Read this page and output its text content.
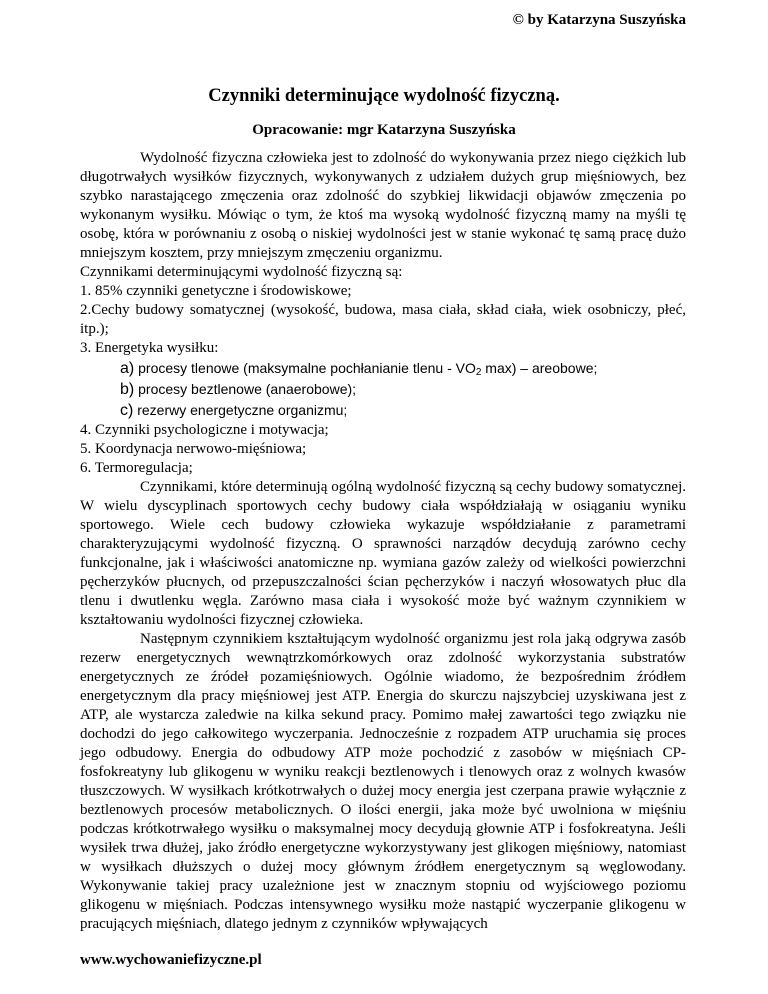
© by Katarzyna Suszyńska
Czynniki determinujące wydolność fizyczną.
Opracowanie: mgr Katarzyna Suszyńska

Wydolność fizyczna człowieka jest to zdolność do wykonywania przez niego ciężkich lub długotrwałych wysiłków fizycznych, wykonywanych z udziałem dużych grup mięśniowych, bez szybko narastającego zmęczenia oraz zdolność do szybkiej likwidacji objawów zmęczenia po wykonanym wysiłku. Mówiąc o tym, że ktoś ma wysoką wydolność fizyczną mamy na myśli tę osobę, która w porównaniu z osobą o niskiej wydolności jest w stanie wykonać tę samą pracę dużo mniejszym kosztem, przy mniejszym zmęczeniu organizmu.

Czynnikami determinującymi wydolność fizyczną są:

1. 85% czynniki genetyczne i środowiskowe;

2.Cechy budowy somatycznej (wysokość, budowa, masa ciała, skład ciała, wiek osobniczy, płeć, itp.);

3. Energetyka wysiłku:

a) procesy tlenowe (maksymalne pochłanianie tlenu - $VO_2$ max) – areobowe;

b) procesy beztlenowe (anaerobowe);

c) rezerwy energetyczne organizmu;

4. Czynniki psychologiczne i motywacja;

5. Koordynacja nerwowo-mięśniowa;

6. Termoregulacja;

Czynnikami, które determinują ogólną wydolność fizyczną są cechy budowy somatycznej. W wielu dyscyplinach sportowych cechy budowy ciała współdziałają w osiąganiu wyniku sportowego. Wiele cech budowy człowieka wykazuje współdziałanie z parametrami charakteryzującymi wydolność fizyczną. O sprawności narządów decydują zarówno cechy funkcjonalne, jak i właściwości anatomiczne np. wymiana gazów zależy od wielkości powierzchni pęcherzyków płucnych, od przepuszczalności ścian pęcherzyków i naczyń włosowatych płuc dla tlenu i dwutlenku węgla. Zarówno masa ciała i wysokość może być ważnym czynnikiem w kształtowaniu wydolności fizycznej człowieka.

Następnym czynnikiem kształtującym wydolność organizmu jest rola jaką odgrywa zasób rezerw energetycznych wewnątrzkomórkowych oraz zdolność wykorzystania substratów energetycznych ze źródeł pozamięśniowych. Ogólnie wiadomo, że bezpośrednim źródłem energetycznym dla pracy mięśniowej jest ATP. Energia do skurczu najszybciej uzyskiwana jest z ATP, ale wystarcza zaledwie na kilka sekund pracy. Pomimo małej zawartości tego związku nie dochodzi do jego całkowitego wyczerpania. Jednocześnie z rozpadem ATP uruchamia się proces jego odbudowy. Energia do odbudowy ATP może pochodzić z zasobów w mięśniach CP-fosfokreatyny lub glikogenu w wyniku reakcji beztlenowych i tlenowych oraz z wolnych kwasów tłuszczowych. W wysiłkach krótkotrwałych o dużej mocy energia jest czerpana prawie wyłącznie z beztlenowych procesów metabolicznych. O ilości energii, jaka może być uwolniona w mięśniu podczas krótkotrwałego wysiłku o maksymalnej mocy decydują głownie ATP i fosfokreatyna. Jeśli wysiłek trwa dłużej, jako źródło energetyczne wykorzystywany jest glikogen mięśniowy, natomiast w wysiłkach dłuższych o dużej mocy głównym źródłem energetycznym są węglowodany. Wykonywanie takiej pracy uzależnione jest w znacznym stopniu od wyjściowego poziomu glikogenu w mięśniach. Podczas intensywnego wysiłku może nastąpić wyczerpanie glikogenu w pracujących mięśniach, dlatego jednym z czynników wpływających

www.wychowaniefizyczne.pl
